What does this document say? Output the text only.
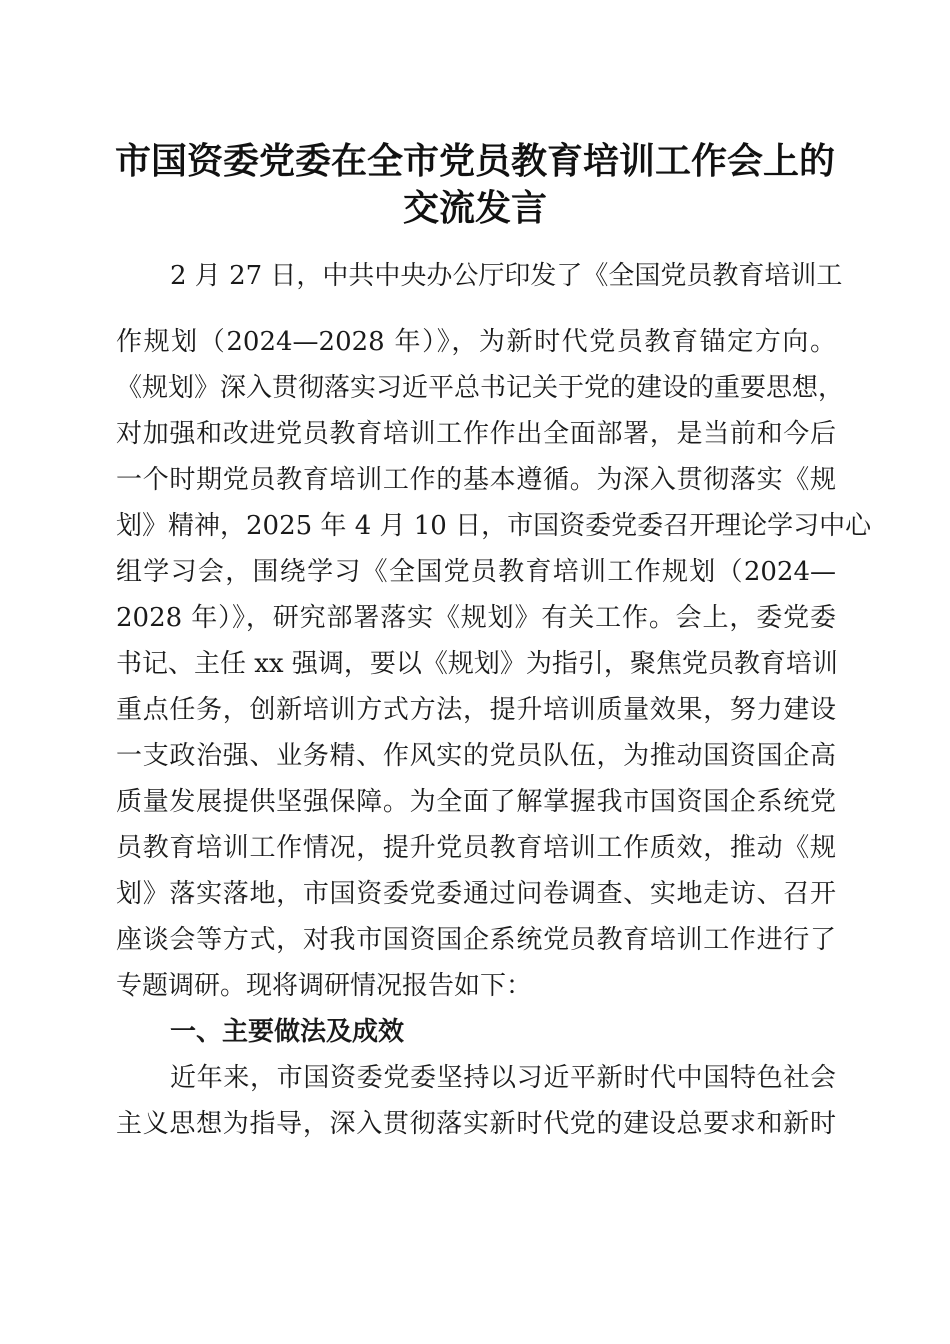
市国资委党委在全市党员教育培训工作会上的
交流发言
2 月 27 日，中共中央办公厅印发了《全国党员教育培训工
作规划（2024—2028 年）》，为新时代党员教育锚定方向。
《规划》深入贯彻落实习近平总书记关于党的建设的重要思想，
对加强和改进党员教育培训工作作出全面部署，是当前和今后
一个时期党员教育培训工作的基本遵循。为深入贯彻落实《规
划》精神，2025 年 4 月 10 日，市国资委党委召开理论学习中心
组学习会，围绕学习《全国党员教育培训工作规划（2024—
2028 年）》，研究部署落实《规划》有关工作。会上，委党委
书记、主任 xx 强调，要以《规划》为指引，聚焦党员教育培训
重点任务，创新培训方式方法，提升培训质量效果，努力建设
一支政治强、业务精、作风实的党员队伍，为推动国资国企高
质量发展提供坚强保障。为全面了解掌握我市国资国企系统党
员教育培训工作情况，提升党员教育培训工作质效，推动《规
划》落实落地，市国资委党委通过问卷调查、实地走访、召开
座谈会等方式，对我市国资国企系统党员教育培训工作进行了
专题调研。现将调研情况报告如下：
一、主要做法及成效
近年来，市国资委党委坚持以习近平新时代中国特色社会
主义思想为指导，深入贯彻落实新时代党的建设总要求和新时
